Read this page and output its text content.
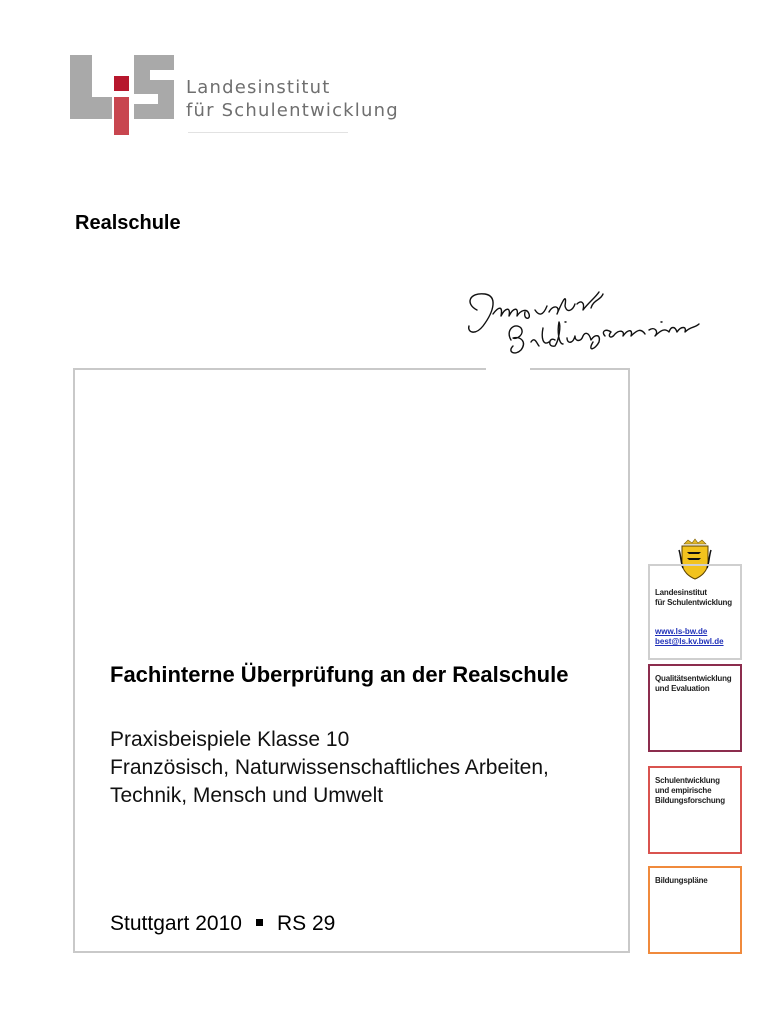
Landesinstitut
für Schulentwicklung
Realschule
Fachinterne Überprüfung an der Realschule
Praxisbeispiele Klasse 10
Französisch, Naturwissenschaftliches Arbeiten,
Technik, Mensch und Umwelt
Stuttgart 2010 RS 29
Landesinstitut
für Schulentwicklung
www.ls-bw.de
best@ls.kv.bwl.de
Qualitätsentwicklung
und Evaluation
Schulentwicklung
und empirische
Bildungsforschung
Bildungspläne
